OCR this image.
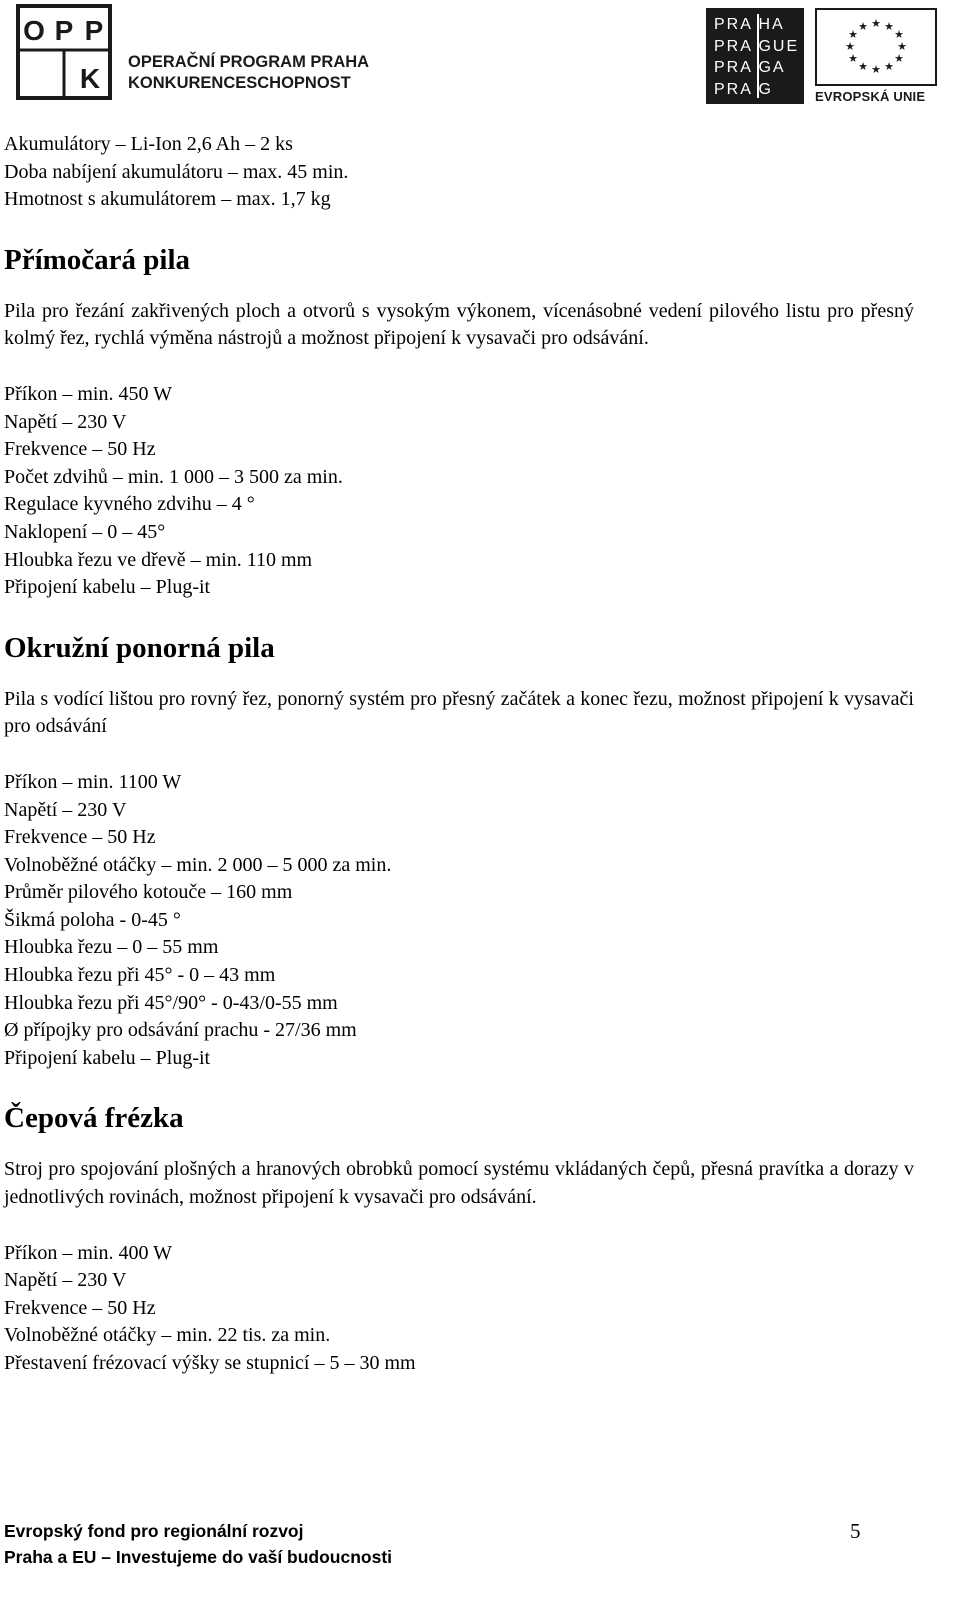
O P P
K
OPERAČNÍ PROGRAM PRAHA
KONKURENCESCHOPNOST
PRA HA
PRA GUE
PRA GA
PRA G
★ ★
★
★
★
★
★
★
★
★
★
★
EVROPSKÁ UNIE
Akumulátory – Li-Ion 2,6 Ah – 2 ks
Doba nabíjení akumulátoru – max. 45 min.
Hmotnost s akumulátorem – max. 1,7 kg
Přímočará pila
Pila pro řezání zakřivených ploch a otvorů s vysokým výkonem, vícenásobné vedení pilového listu pro přesný kolmý řez, rychlá výměna nástrojů a možnost připojení k vysavači pro odsávání.
Příkon – min. 450 W
Napětí – 230 V
Frekvence – 50 Hz
Počet zdvihů – min. 1 000 – 3 500 za min.
Regulace kyvného zdvihu – 4 °
Naklopení – 0 – 45°
Hloubka řezu ve dřevě – min. 110 mm
Připojení kabelu – Plug-it
Okružní ponorná pila
Pila s vodící lištou pro rovný řez, ponorný systém pro přesný začátek a konec řezu, možnost připojení k vysavači pro odsávání
Příkon – min. 1100 W
Napětí – 230 V
Frekvence – 50 Hz
Volnoběžné otáčky – min. 2 000 – 5 000 za min.
Průměr pilového kotouče – 160 mm
Šikmá poloha - 0-45 °
Hloubka řezu – 0 – 55 mm
Hloubka řezu při 45° - 0 – 43 mm
Hloubka řezu při 45°/90° - 0-43/0-55 mm
Ø přípojky pro odsávání prachu - 27/36 mm
Připojení kabelu – Plug-it
Čepová frézka
Stroj pro spojování plošných a hranových obrobků pomocí systému vkládaných čepů, přesná pravítka a dorazy v jednotlivých rovinách, možnost připojení k vysavači pro odsávání.
Příkon – min. 400 W
Napětí – 230 V
Frekvence – 50 Hz
Volnoběžné otáčky – min. 22 tis. za min.
Přestavení frézovací výšky se stupnicí – 5 – 30 mm
Evropský fond pro regionální rozvoj
Praha a EU – Investujeme do vaší budoucnosti
5
